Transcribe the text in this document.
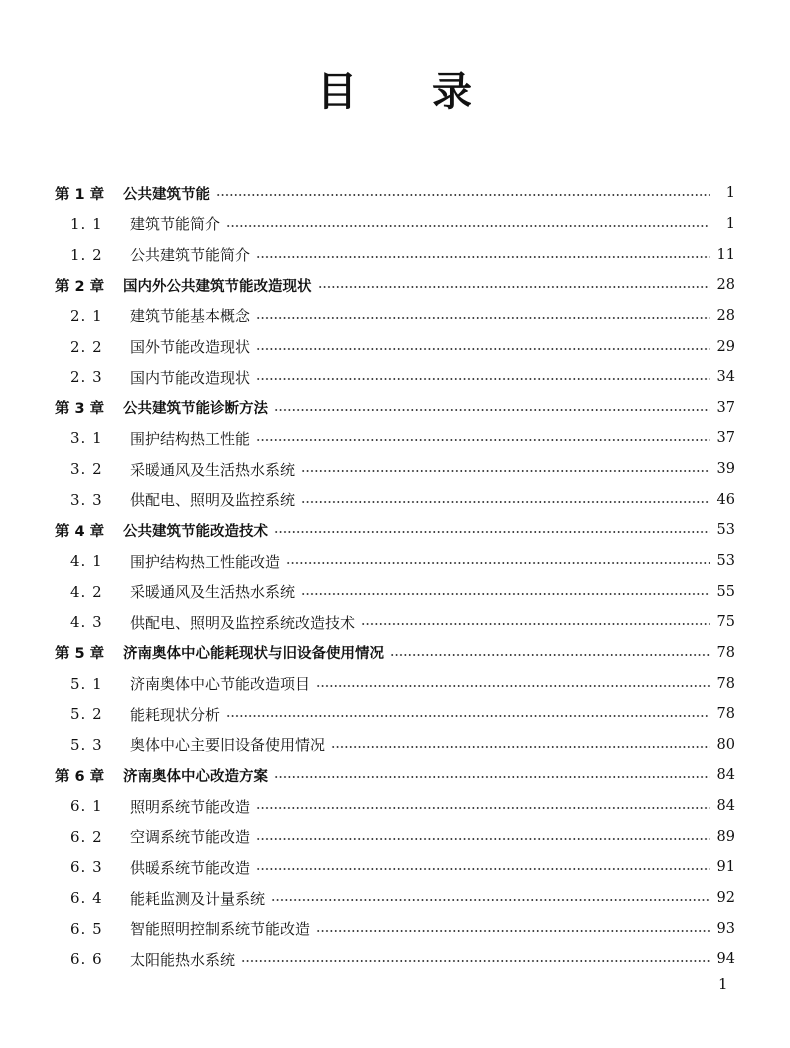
目 录
第 1 章	公共建筑节能	1
1. 1	建筑节能简介	1
1. 2	公共建筑节能简介	11
第 2 章	国内外公共建筑节能改造现状	28
2. 1	建筑节能基本概念	28
2. 2	国外节能改造现状	29
2. 3	国内节能改造现状	34
第 3 章	公共建筑节能诊断方法	37
3. 1	围护结构热工性能	37
3. 2	采暖通风及生活热水系统	39
3. 3	供配电、照明及监控系统	46
第 4 章	公共建筑节能改造技术	53
4. 1	围护结构热工性能改造	53
4. 2	采暖通风及生活热水系统	55
4. 3	供配电、照明及监控系统改造技术	75
第 5 章	济南奥体中心能耗现状与旧设备使用情况	78
5. 1	济南奥体中心节能改造项目	78
5. 2	能耗现状分析	78
5. 3	奥体中心主要旧设备使用情况	80
第 6 章	济南奥体中心改造方案	84
6. 1	照明系统节能改造	84
6. 2	空调系统节能改造	89
6. 3	供暖系统节能改造	91
6. 4	能耗监测及计量系统	92
6. 5	智能照明控制系统节能改造	93
6. 6	太阳能热水系统	94
1
